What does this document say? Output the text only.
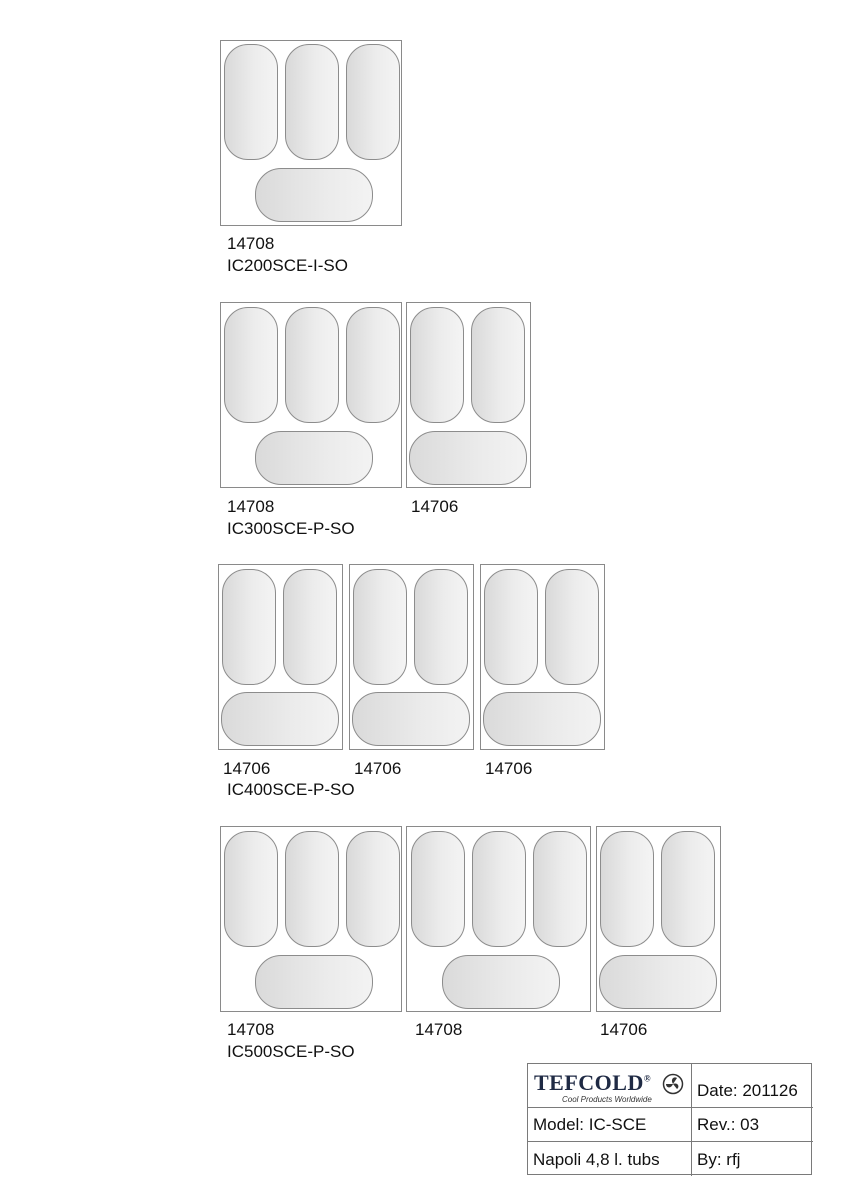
14708
IC200SCE-I-SO
14708	14706
IC300SCE-P-SO
14706	14706	14706
IC400SCE-P-SO
14708	14708	14706
IC500SCE-P-SO
TEFCOLD®
Cool Products Worldwide	Date: 201126
Model: IC-SCE	Rev.: 03
Napoli 4,8 l. tubs	By: rfj
